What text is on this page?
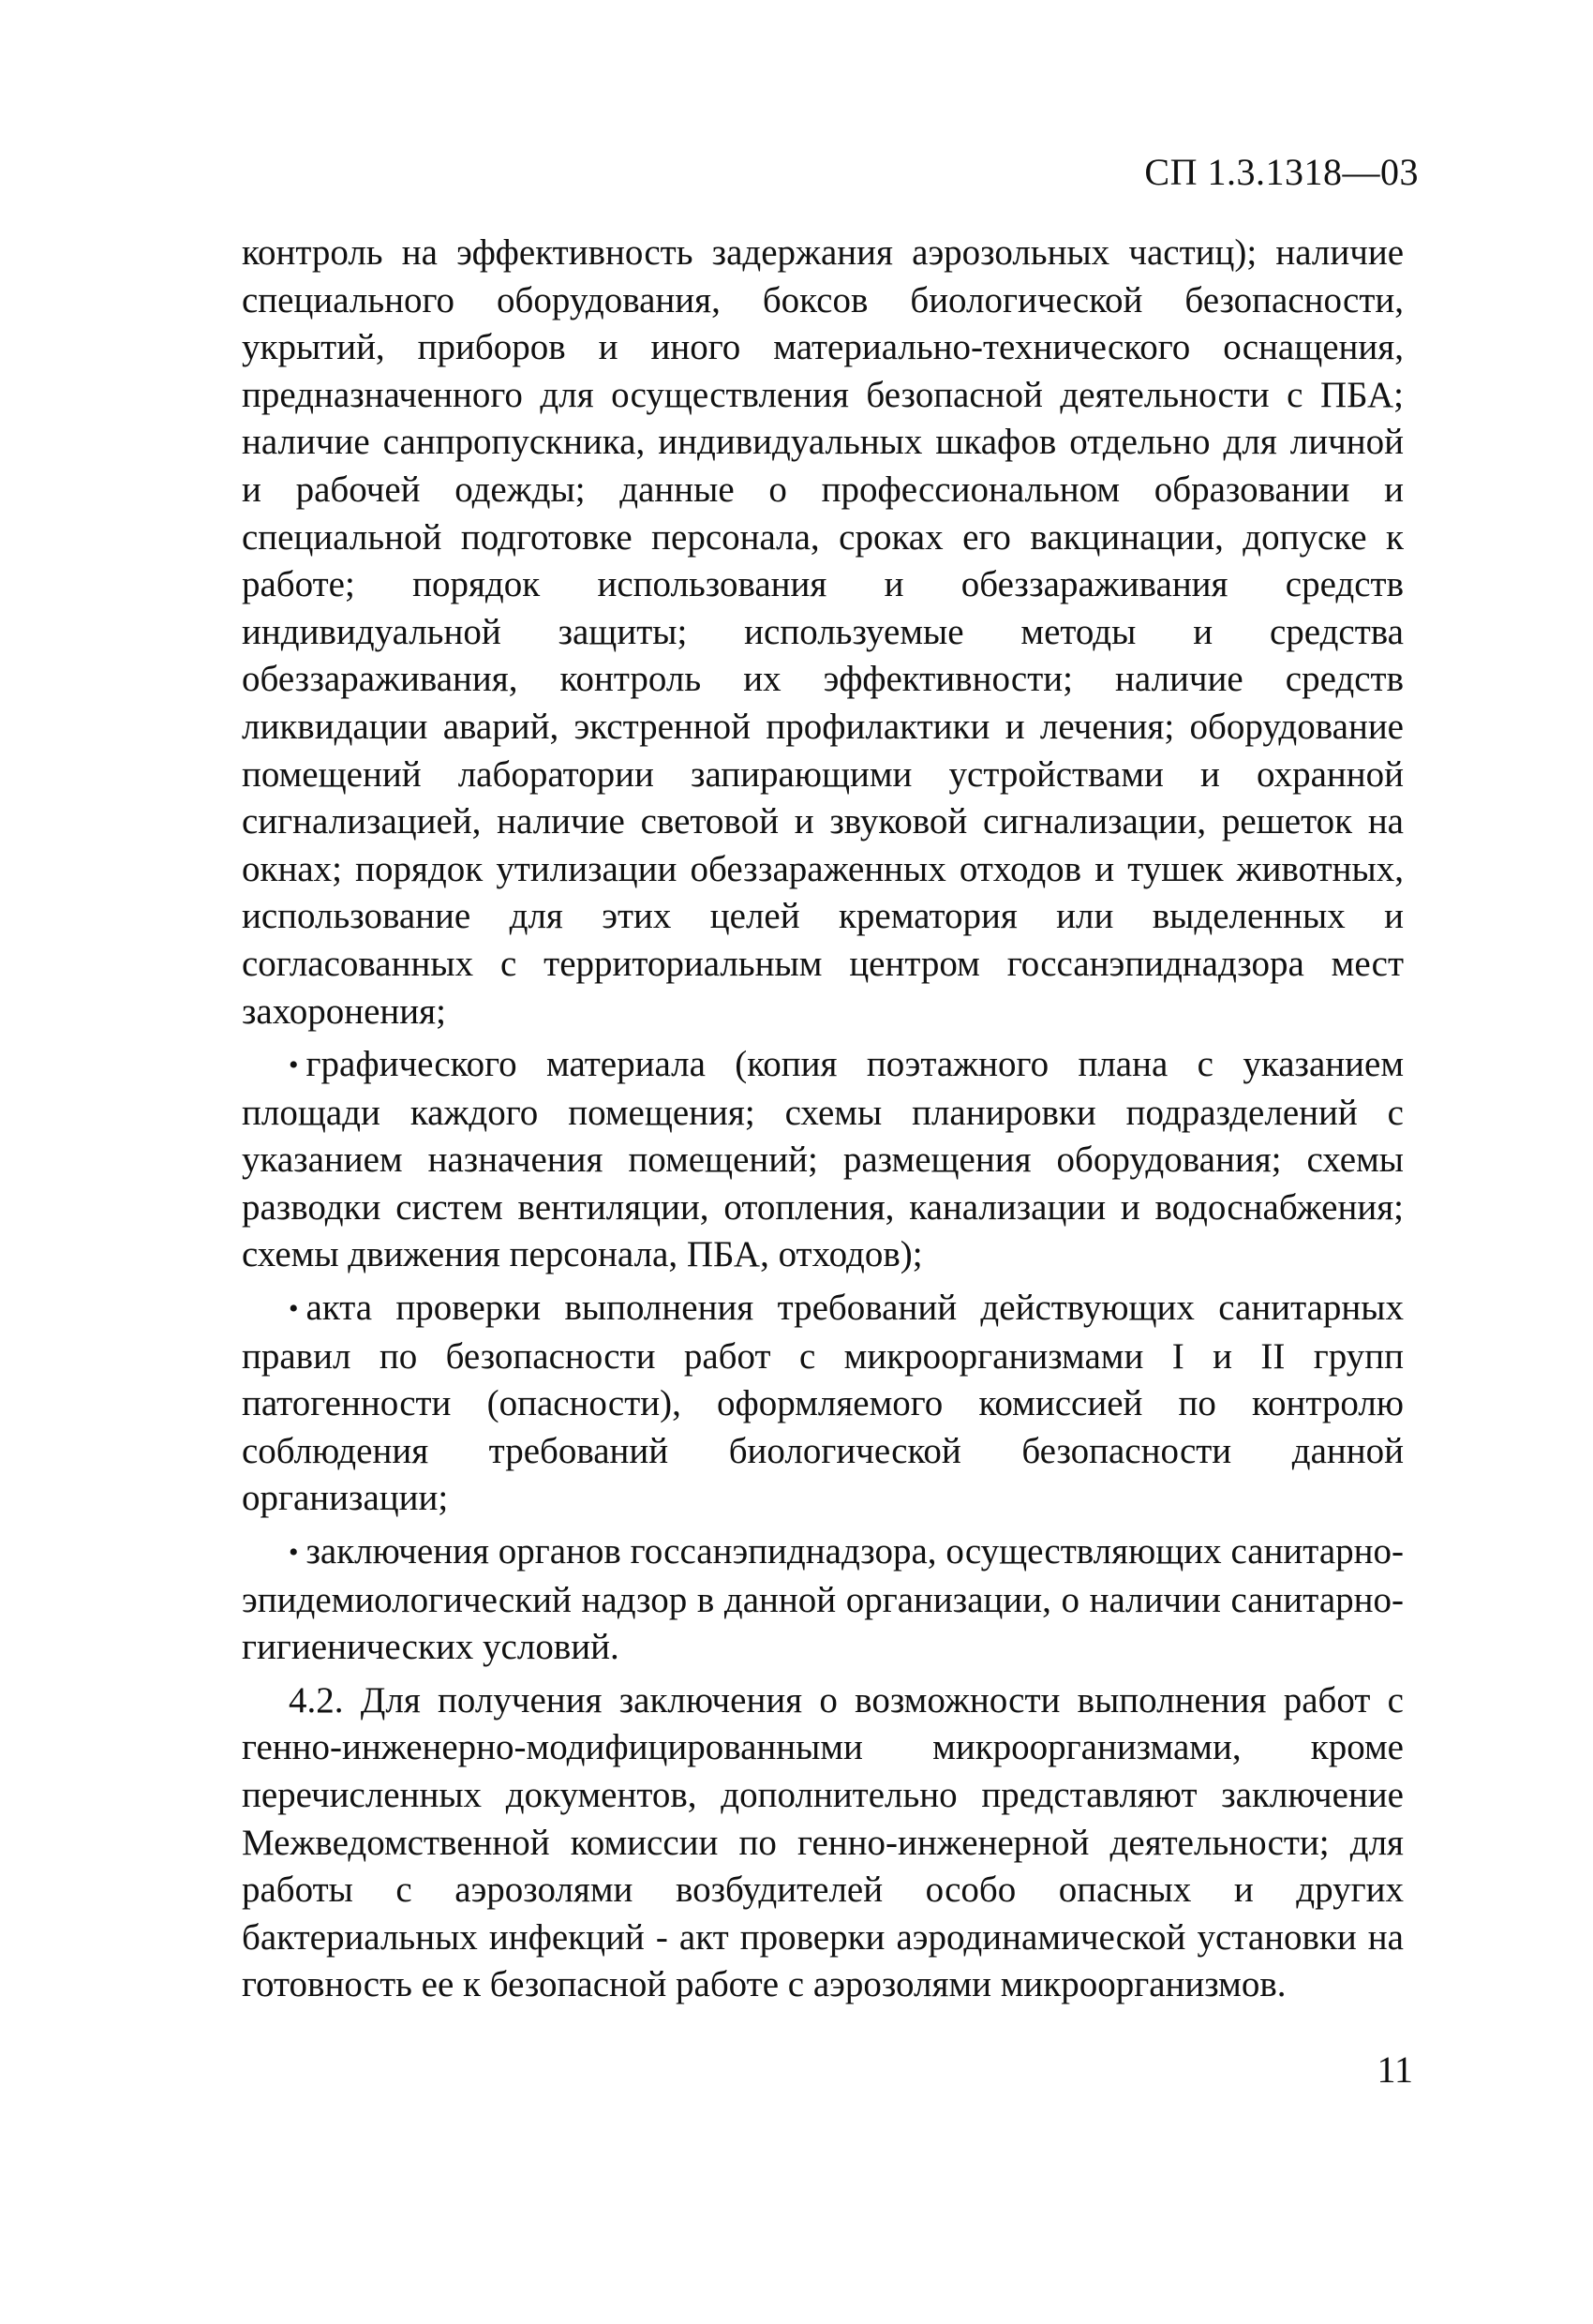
СП 1.3.1318—03

контроль на эффективность задержания аэрозольных частиц); наличие специального оборудования, боксов биологической безопасности, укрытий, приборов и иного материально-технического оснащения, предназначенного для осуществления безопасной деятельности с ПБА; наличие санпропускника, индивидуальных шкафов отдельно для личной и рабочей одежды; данные о профессиональном образовании и специальной подготовке персонала, сроках его вакцинации, допуске к работе; порядок использования и обеззараживания средств индивидуальной защиты; используемые методы и средства обеззараживания, контроль их эффективности; наличие средств ликвидации аварий, экстренной профилактики и лечения; оборудование помещений лаборатории запирающими устройствами и охранной сигнализацией, наличие световой и звуковой сигнализации, решеток на окнах; порядок утилизации обеззараженных отходов и тушек животных, использование для этих целей крематория или выделенных и согласованных с территориальным центром госсанэпиднадзора мест захоронения;

• графического материала (копия поэтажного плана с указанием площади каждого помещения; схемы планировки подразделений с указанием назначения помещений; размещения оборудования; схемы разводки систем вентиляции, отопления, канализации и водоснабжения; схемы движения персонала, ПБА, отходов);

• акта проверки выполнения требований действующих санитарных правил по безопасности работ с микроорганизмами I и II групп патогенности (опасности), оформляемого комиссией по контролю соблюдения требований биологической безопасности данной организации;

• заключения органов госсанэпиднадзора, осуществляющих санитарно-эпидемиологический надзор в данной организации, о наличии санитарно-гигиенических условий.

4.2. Для получения заключения о возможности выполнения работ с генно-инженерно-модифицированными микроорганизмами, кроме перечисленных документов, дополнительно представляют заключение Межведомственной комиссии по генно-инженерной деятельности; для работы с аэрозолями возбудителей особо опасных и других бактериальных инфекций - акт проверки аэродинамической установки на готовность ее к безопасной работе с аэрозолями микроорганизмов.

11
